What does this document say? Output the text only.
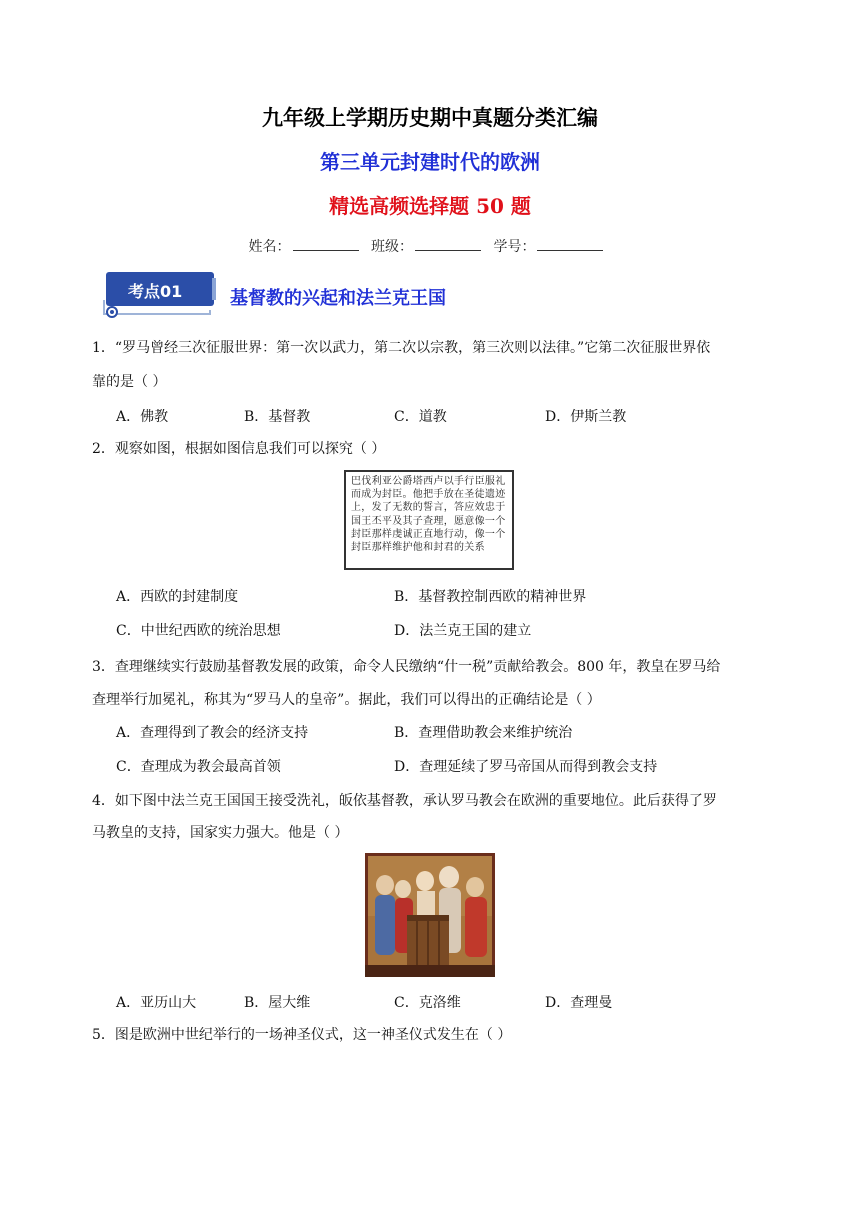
九年级上学期历史期中真题分类汇编
第三单元封建时代的欧洲
精选高频选择题 50 题
姓名：	班级：	学号：
考点01	基督教的兴起和法兰克王国
1．“罗马曾经三次征服世界：第一次以武力，第二次以宗教，第三次则以法律。”它第二次征服世界依
靠的是（ ）
A．佛教	B．基督教	C．道教	D．伊斯兰教
2．观察如图，根据如图信息我们可以探究（ ）
巴伐利亚公爵塔西卢以手行臣服礼而成为封臣。他把手放在圣徒遗迹上，发了无数的誓言，答应效忠于国王丕平及其子查理，愿意像一个封臣那样虔诚正直地行动，像一个封臣那样维护他和封君的关系
A．西欧的封建制度	B．基督教控制西欧的精神世界
C．中世纪西欧的统治思想	D．法兰克王国的建立
3．查理继续实行鼓励基督教发展的政策，命令人民缴纳“什一税”贡献给教会。800 年，教皇在罗马给
查理举行加冕礼，称其为“罗马人的皇帝”。据此，我们可以得出的正确结论是（ ）
A．查理得到了教会的经济支持	B．查理借助教会来维护统治
C．查理成为教会最高首领	D．查理延续了罗马帝国从而得到教会支持
4．如下图中法兰克王国国王接受洗礼，皈依基督教，承认罗马教会在欧洲的重要地位。此后获得了罗
马教皇的支持，国家实力强大。他是（ ）
A．亚历山大	B．屋大维	C．克洛维	D．查理曼
5．图是欧洲中世纪举行的一场神圣仪式，这一神圣仪式发生在（ ）
